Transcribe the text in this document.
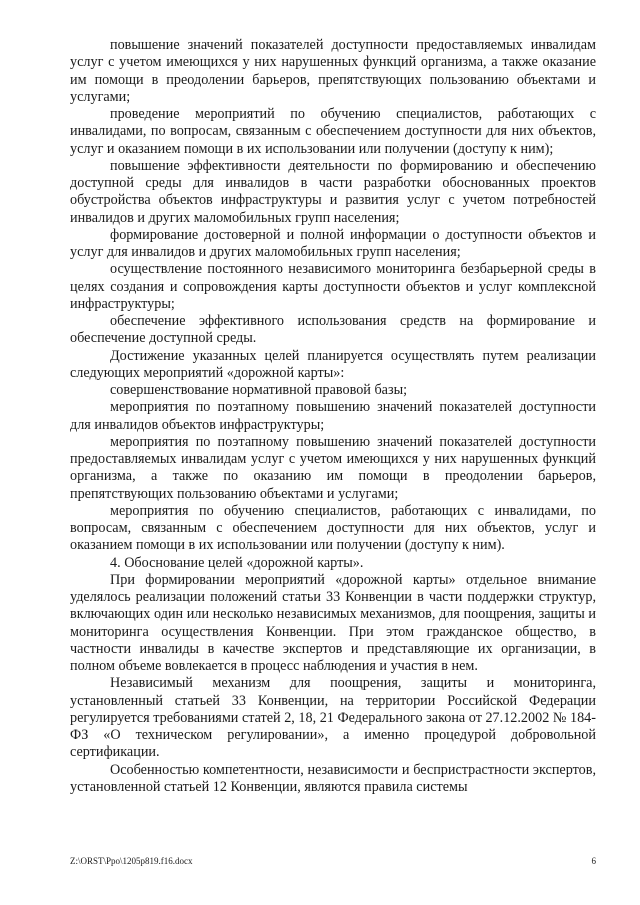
повышение значений показателей доступности предоставляемых инвалидам услуг с учетом имеющихся у них нарушенных функций организма, а также оказание им помощи в преодолении барьеров, препятствующих пользованию объектами и услугами;

проведение мероприятий по обучению специалистов, работающих с инвалидами, по вопросам, связанным с обеспечением доступности для них объектов, услуг и оказанием помощи в их использовании или получении (доступу к ним);

повышение эффективности деятельности по формированию и обеспечению доступной среды для инвалидов в части разработки обоснованных проектов обустройства объектов инфраструктуры и развития услуг с учетом потребностей инвалидов и других маломобильных групп населения;

формирование достоверной и полной информации о доступности объектов и услуг для инвалидов и других маломобильных групп населения;

осуществление постоянного независимого мониторинга безбарьерной среды в целях создания и сопровождения карты доступности объектов и услуг комплексной инфраструктуры;

обеспечение эффективного использования средств на формирование и обеспечение доступной среды.

Достижение указанных целей планируется осуществлять путем реализации следующих мероприятий «дорожной карты»:

совершенствование нормативной правовой базы;

мероприятия по поэтапному повышению значений показателей доступности для инвалидов объектов инфраструктуры;

мероприятия по поэтапному повышению значений показателей доступности предоставляемых инвалидам услуг с учетом имеющихся у них нарушенных функций организма, а также по оказанию им помощи в преодолении барьеров, препятствующих пользованию объектами и услугами;

мероприятия по обучению специалистов, работающих с инвалидами, по вопросам, связанным с обеспечением доступности для них объектов, услуг и оказанием помощи в их использовании или получении (доступу к ним).

4. Обоснование целей «дорожной карты».

При формировании мероприятий «дорожной карты» отдельное внимание уделялось реализации положений статьи 33 Конвенции в части поддержки структур, включающих один или несколько независимых механизмов, для поощрения, защиты и мониторинга осуществления Конвенции. При этом гражданское общество, в частности инвалиды в качестве экспертов и представляющие их организации, в полном объеме вовлекается в процесс наблюдения и участия в нем.

Независимый механизм для поощрения, защиты и мониторинга, установленный статьей 33 Конвенции, на территории Российской Федерации регулируется требованиями статей 2, 18, 21 Федерального закона от 27.12.2002 № 184-ФЗ «О техническом регулировании», а именно процедурой добровольной сертификации.

Особенностью компетентности, независимости и беспристрастности экспертов, установленной статьей 12 Конвенции, являются правила системы

Z:\ORST\Ppo\1205p819.f16.docx	6
